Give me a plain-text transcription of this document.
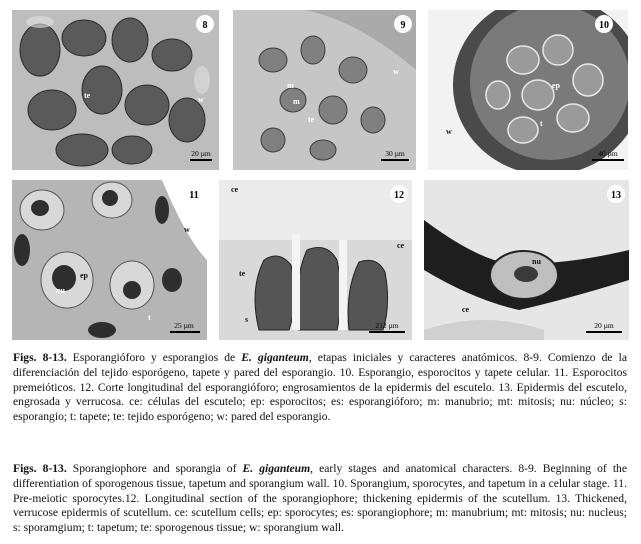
8
te	w
20 µm
9
m
m
te
w
30 µm
10
ep
t
w
40 µm
11
ep
nu
w
t
25 µm
12
ce
ce
te
s
212 µm
13
nu
ce
20 µm

Figs. 8-13. Esporangióforo y esporangios de E. giganteum, etapas iniciales y caracteres anatómicos. 8-9. Comienzo de la diferenciación del tejido esporógeno, tapete y pared del esporangio. 10. Esporangio, esporocitos y tapete celular. 11. Esporocitos premeióticos. 12. Corte longitudinal del esporangióforo; engrosamientos de la epidermis del escutelo. 13. Epidermis del escutelo, engrosada y verrucosa. ce: células del escutelo; ep: esporocitos; es: esporangióforo; m: manubrio; mt: mitosis; nu: núcleo; s: esporangio; t: tapete; te: tejido esporógeno; w: pared del esporangio.

Figs. 8-13. Sporangiophore and sporangia of E. giganteum, early stages and anatomical characters. 8-9. Beginning of the differentiation of sporogenous tissue, tapetum and sporangium wall. 10. Sporangium, sporocytes, and tapetum in a celular stage. 11. Pre-meiotic sporocytes.12. Longitudinal section of the sporangiophore; thickening epidermis of the scutellum. 13. Thickened, verrucose epidermis of scutellum. ce: scutellum cells; ep: sporocytes; es: sporangiophore; m: manubrium; mt: mitosis; nu: nucleus; s: sporamgium; t: tapetum; te: sporogenous tissue; w: sporangium wall.
